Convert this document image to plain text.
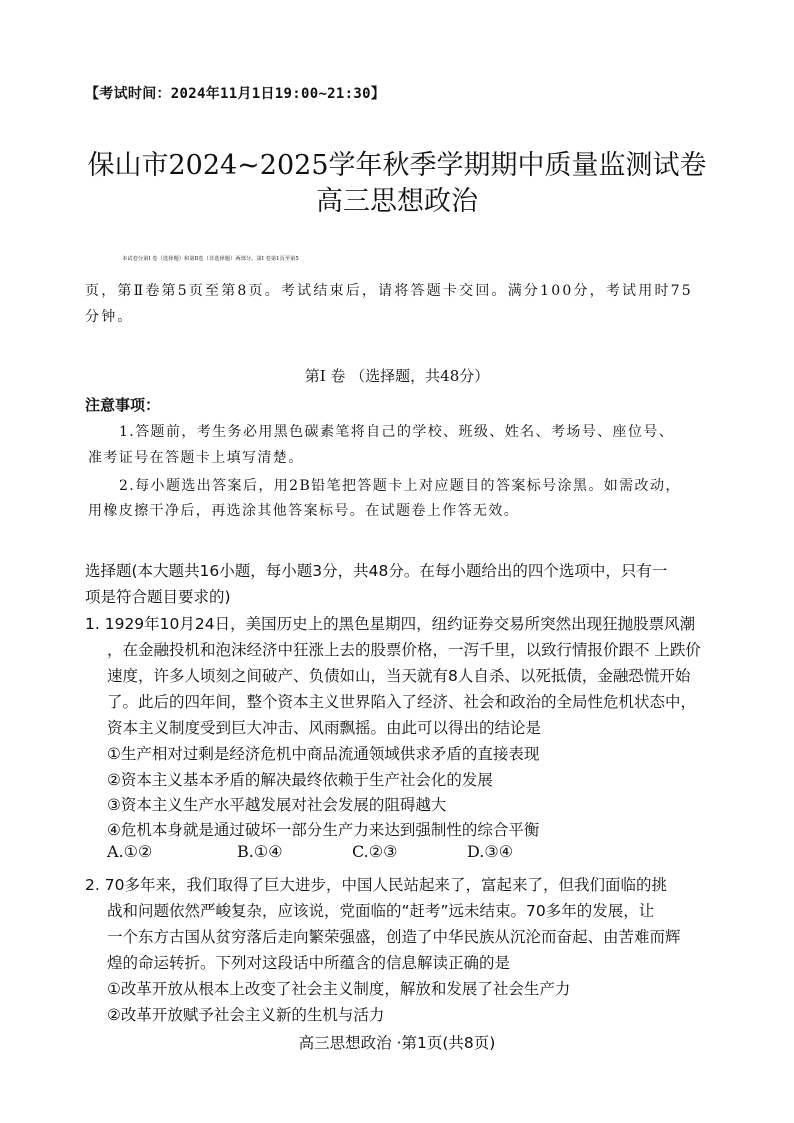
【考试时间：2024年11月1日19:00~21:30】
保山市2024~2025学年秋季学期期中质量监测试卷
高三思想政治
本试卷分第Ⅰ 卷（选择题）和第Ⅱ卷（非选择题）两部分。第Ⅰ 卷第1页至第5
页，第Ⅱ卷第5页至第8页。考试结束后，请将答题卡交回。满分100分，考试用时75
分钟。
第Ⅰ 卷 （选择题，共48分）
注意事项：
1.答题前，考生务必用黑色碳素笔将自己的学校、班级、姓名、考场号、座位号、
准考证号在答题卡上填写清楚。
2.每小题选出答案后，用2B铅笔把答题卡上对应题目的答案标号涂黑。如需改动，
用橡皮擦干净后，再选涂其他答案标号。在试题卷上作答无效。
选择题(本大题共16小题，每小题3分，共48分。在每小题给出的四个选项中，只有一
项是符合题目要求的)
1. 1929年10月24日，美国历史上的黑色星期四，纽约证券交易所突然出现狂抛股票风潮
，在金融投机和泡沫经济中狂涨上去的股票价格，一泻千里，以致行情报价跟不 上跌价
速度，许多人顷刻之间破产、负债如山，当天就有8人自杀、以死抵债，金融恐慌开始
了。此后的四年间，整个资本主义世界陷入了经济、社会和政治的全局性危机状态中，
资本主义制度受到巨大冲击、风雨飘摇。由此可以得出的结论是
①生产相对过剩是经济危机中商品流通领域供求矛盾的直接表现
②资本主义基本矛盾的解决最终依赖于生产社会化的发展
③资本主义生产水平越发展对社会发展的阻碍越大
④危机本身就是通过破坏一部分生产力来达到强制性的综合平衡
A.①②	B.①④	C.②③	D.③④
2. 70多年来，我们取得了巨大进步，中国人民站起来了，富起来了，但我们面临的挑
战和问题依然严峻复杂，应该说，党面临的“赶考”远未结束。70多年的发展，让
一个东方古国从贫穷落后走向繁荣强盛，创造了中华民族从沉沦而奋起、由苦难而辉
煌的命运转折。下列对这段话中所蕴含的信息解读正确的是
①改革开放从根本上改变了社会主义制度，解放和发展了社会生产力
②改革开放赋予社会主义新的生机与活力
高三思想政治 ·第1页(共8页)
